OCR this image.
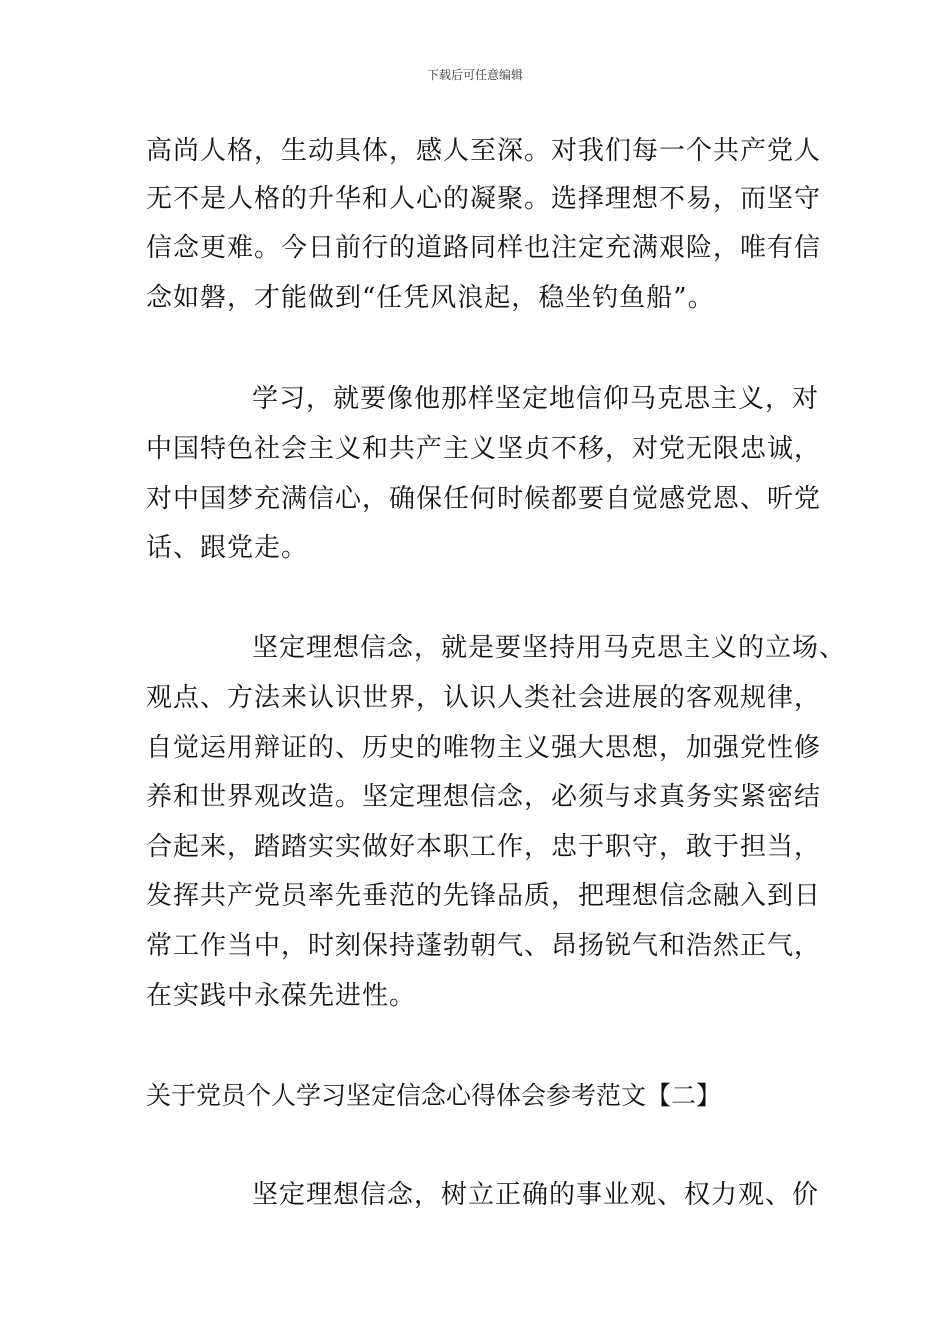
下载后可任意编辑
高尚人格，生动具体，感人至深。对我们每一个共产党人
无不是人格的升华和人心的凝聚。选择理想不易，而坚守
信念更难。今日前行的道路同样也注定充满艰险，唯有信
念如磐，才能做到“任凭风浪起，稳坐钓鱼船”。
学习，就要像他那样坚定地信仰马克思主义，对
中国特色社会主义和共产主义坚贞不移，对党无限忠诚，
对中国梦充满信心，确保任何时候都要自觉感党恩、听党
话、跟党走。
坚定理想信念，就是要坚持用马克思主义的立场、
观点、方法来认识世界，认识人类社会进展的客观规律，
自觉运用辩证的、历史的唯物主义强大思想，加强党性修
养和世界观改造。坚定理想信念，必须与求真务实紧密结
合起来，踏踏实实做好本职工作，忠于职守，敢于担当，
发挥共产党员率先垂范的先锋品质，把理想信念融入到日
常工作当中，时刻保持蓬勃朝气、昂扬锐气和浩然正气，
在实践中永葆先进性。
关于党员个人学习坚定信念心得体会参考范文【二】
坚定理想信念，树立正确的事业观、权力观、价
